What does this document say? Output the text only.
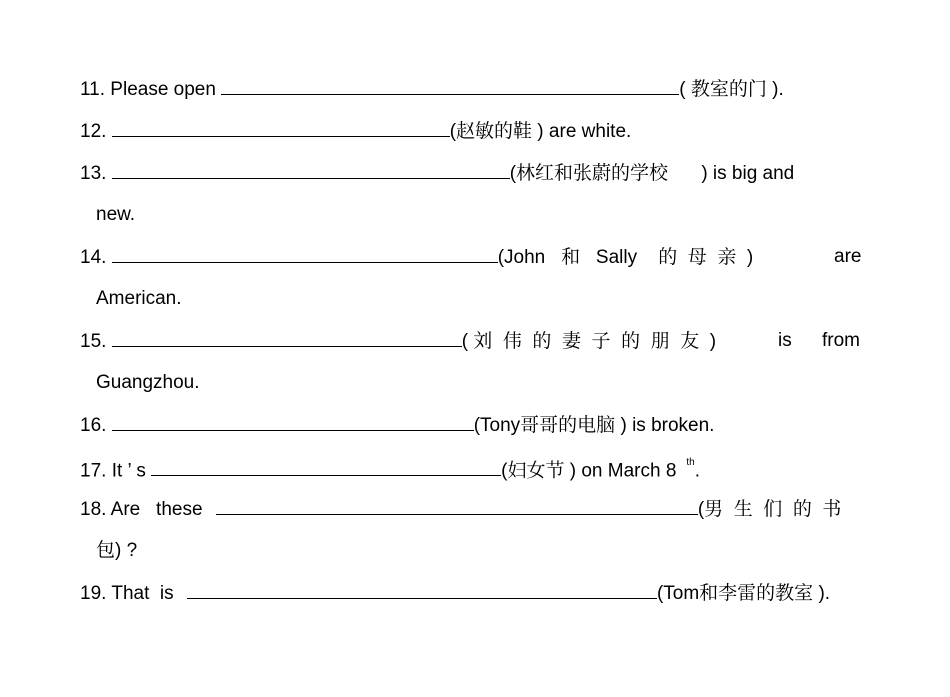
11. Please open	( 教室的门 ).
12.	(赵敏的鞋 ) are white.
13.	(林红和张蔚的学校 ) is big and
new.
14.	(John   和   Sally    的  母  亲  )	are
American.
15.	( 刘  伟  的  妻  子  的  朋  友  )	is from
Guangzhou.
16.	(Tony哥哥的电脑 ) is broken.
17. It ’ s	(妇女节 ) on March 8 $^{th}$.
18. Are   these	(男  生  们  的  书
包) ?
19. That  is	(Tom和李雷的教室 ).
